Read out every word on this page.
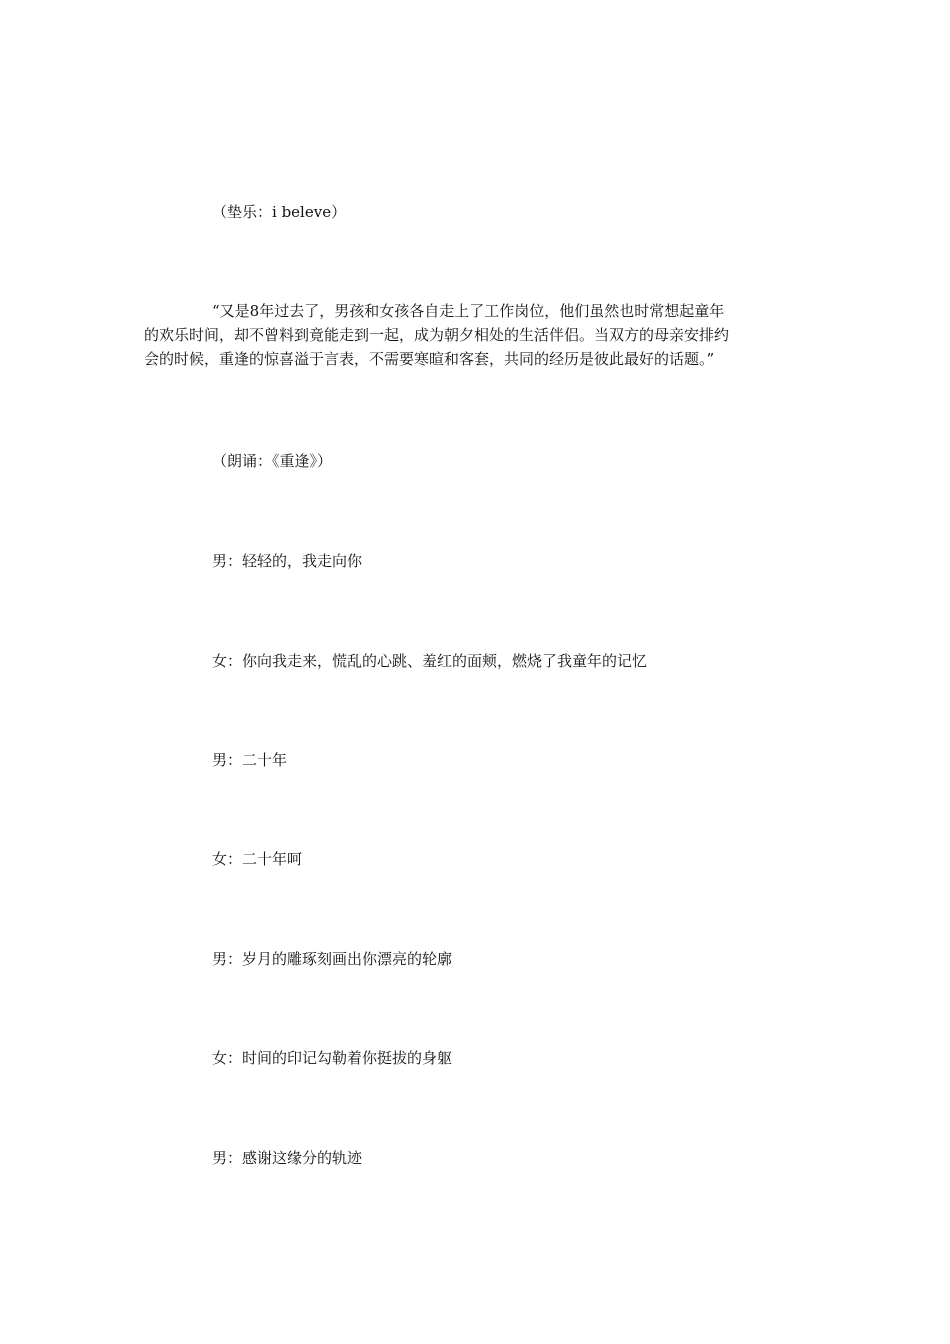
（垫乐：i beleve）
“又是8年过去了，男孩和女孩各自走上了工作岗位，他们虽然也时常想起童年
的欢乐时间，却不曾料到竟能走到一起，成为朝夕相处的生活伴侣。当双方的母亲安排约
会的时候，重逢的惊喜溢于言表，不需要寒暄和客套，共同的经历是彼此最好的话题。”
（朗诵：《重逢》）
男：轻轻的，我走向你
女：你向我走来，慌乱的心跳、羞红的面颊，燃烧了我童年的记忆
男：二十年
女：二十年呵
男：岁月的雕琢刻画出你漂亮的轮廓
女：时间的印记勾勒着你挺拔的身躯
男：感谢这缘分的轨迹
